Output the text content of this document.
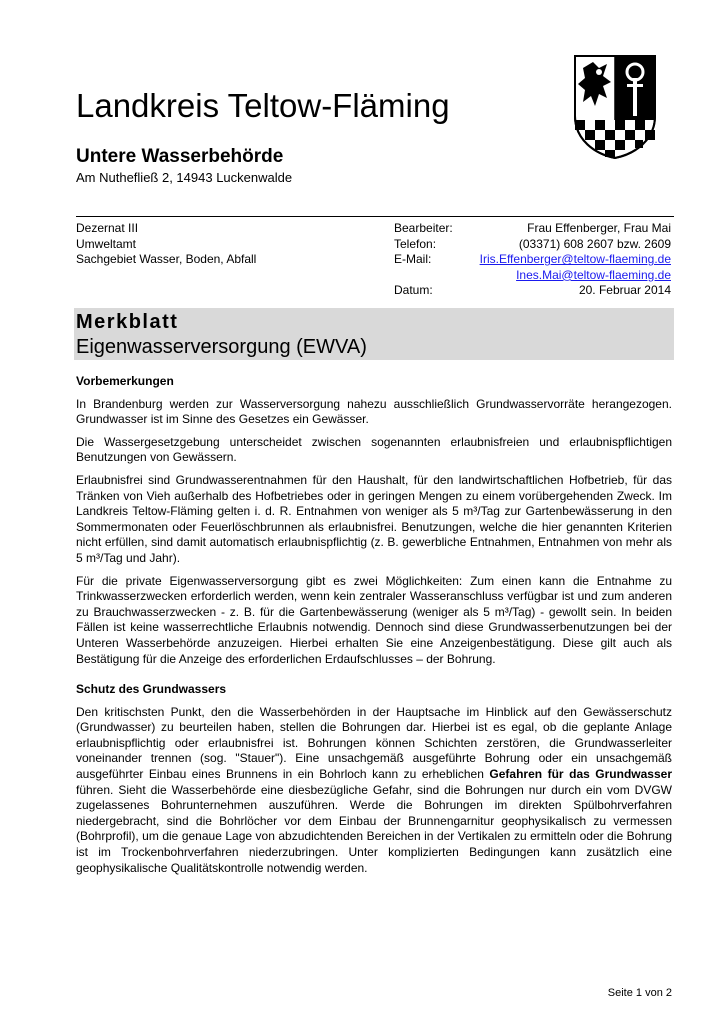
Landkreis Teltow-Fläming
Untere Wasserbehörde
Am Nuthefließ 2, 14943 Luckenwalde
Dezernat III
Umweltamt
Sachgebiet Wasser, Boden, Abfall
Bearbeiter:	Frau Effenberger, Frau Mai
Telefon:	(03371) 608 2607 bzw. 2609
E-Mail:	Iris.Effenberger@teltow-flaeming.de
Ines.Mai@teltow-flaeming.de
Datum:	20. Februar 2014
Merkblatt
Eigenwasserversorgung (EWVA)
Vorbemerkungen

In Brandenburg werden zur Wasserversorgung nahezu ausschließlich Grundwasservorräte herangezogen. Grundwasser ist im Sinne des Gesetzes ein Gewässer.

Die Wassergesetzgebung unterscheidet zwischen sogenannten erlaubnisfreien und erlaubnispflichtigen Benutzungen von Gewässern.

Erlaubnisfrei sind Grundwasserentnahmen für den Haushalt, für den landwirtschaftlichen Hofbetrieb, für das Tränken von Vieh außerhalb des Hofbetriebes oder in geringen Mengen zu einem vorübergehenden Zweck. Im Landkreis Teltow-Fläming gelten i. d. R. Entnahmen von weniger als 5 m³/Tag zur Gartenbewässerung in den Sommermonaten oder Feuerlöschbrunnen als erlaubnisfrei. Benutzungen, welche die hier genannten Kriterien nicht erfüllen, sind damit automatisch erlaubnispflichtig (z. B. gewerbliche Entnahmen, Entnahmen von mehr als 5 m³/Tag und Jahr).

Für die private Eigenwasserversorgung gibt es zwei Möglichkeiten: Zum einen kann die Entnahme zu Trinkwasserzwecken erforderlich werden, wenn kein zentraler Wasseranschluss verfügbar ist und zum anderen zu Brauchwasserzwecken - z. B. für die Gartenbewässerung (weniger als 5 m³/Tag) - gewollt sein. In beiden Fällen ist keine wasserrechtliche Erlaubnis notwendig. Dennoch sind diese Grundwasserbenutzungen bei der Unteren Wasserbehörde anzuzeigen. Hierbei erhalten Sie eine Anzeigenbestätigung. Diese gilt auch als Bestätigung für die Anzeige des erforderlichen Erdaufschlusses – der Bohrung.

Schutz des Grundwassers

Den kritischsten Punkt, den die Wasserbehörden in der Hauptsache im Hinblick auf den Gewässerschutz (Grundwasser) zu beurteilen haben, stellen die Bohrungen dar. Hierbei ist es egal, ob die geplante Anlage erlaubnispflichtig oder erlaubnisfrei ist. Bohrungen können Schichten zerstören, die Grundwasserleiter voneinander trennen (sog. "Stauer"). Eine unsachgemäß ausgeführte Bohrung oder ein unsachgemäß ausgeführter Einbau eines Brunnens in ein Bohrloch kann zu erheblichen Gefahren für das Grundwasser führen. Sieht die Wasserbehörde eine diesbezügliche Gefahr, sind die Bohrungen nur durch ein vom DVGW zugelassenes Bohrunternehmen auszuführen. Werde die Bohrungen im direkten Spülbohrverfahren niedergebracht, sind die Bohrlöcher vor dem Einbau der Brunnengarnitur geophysikalisch zu vermessen (Bohrprofil), um die genaue Lage von abzudichtenden Bereichen in der Vertikalen zu ermitteln oder die Bohrung ist im Trockenbohrverfahren niederzubringen. Unter komplizierten Bedingungen kann zusätzlich eine geophysikalische Qualitätskontrolle notwendig werden.

Seite 1 von 2
